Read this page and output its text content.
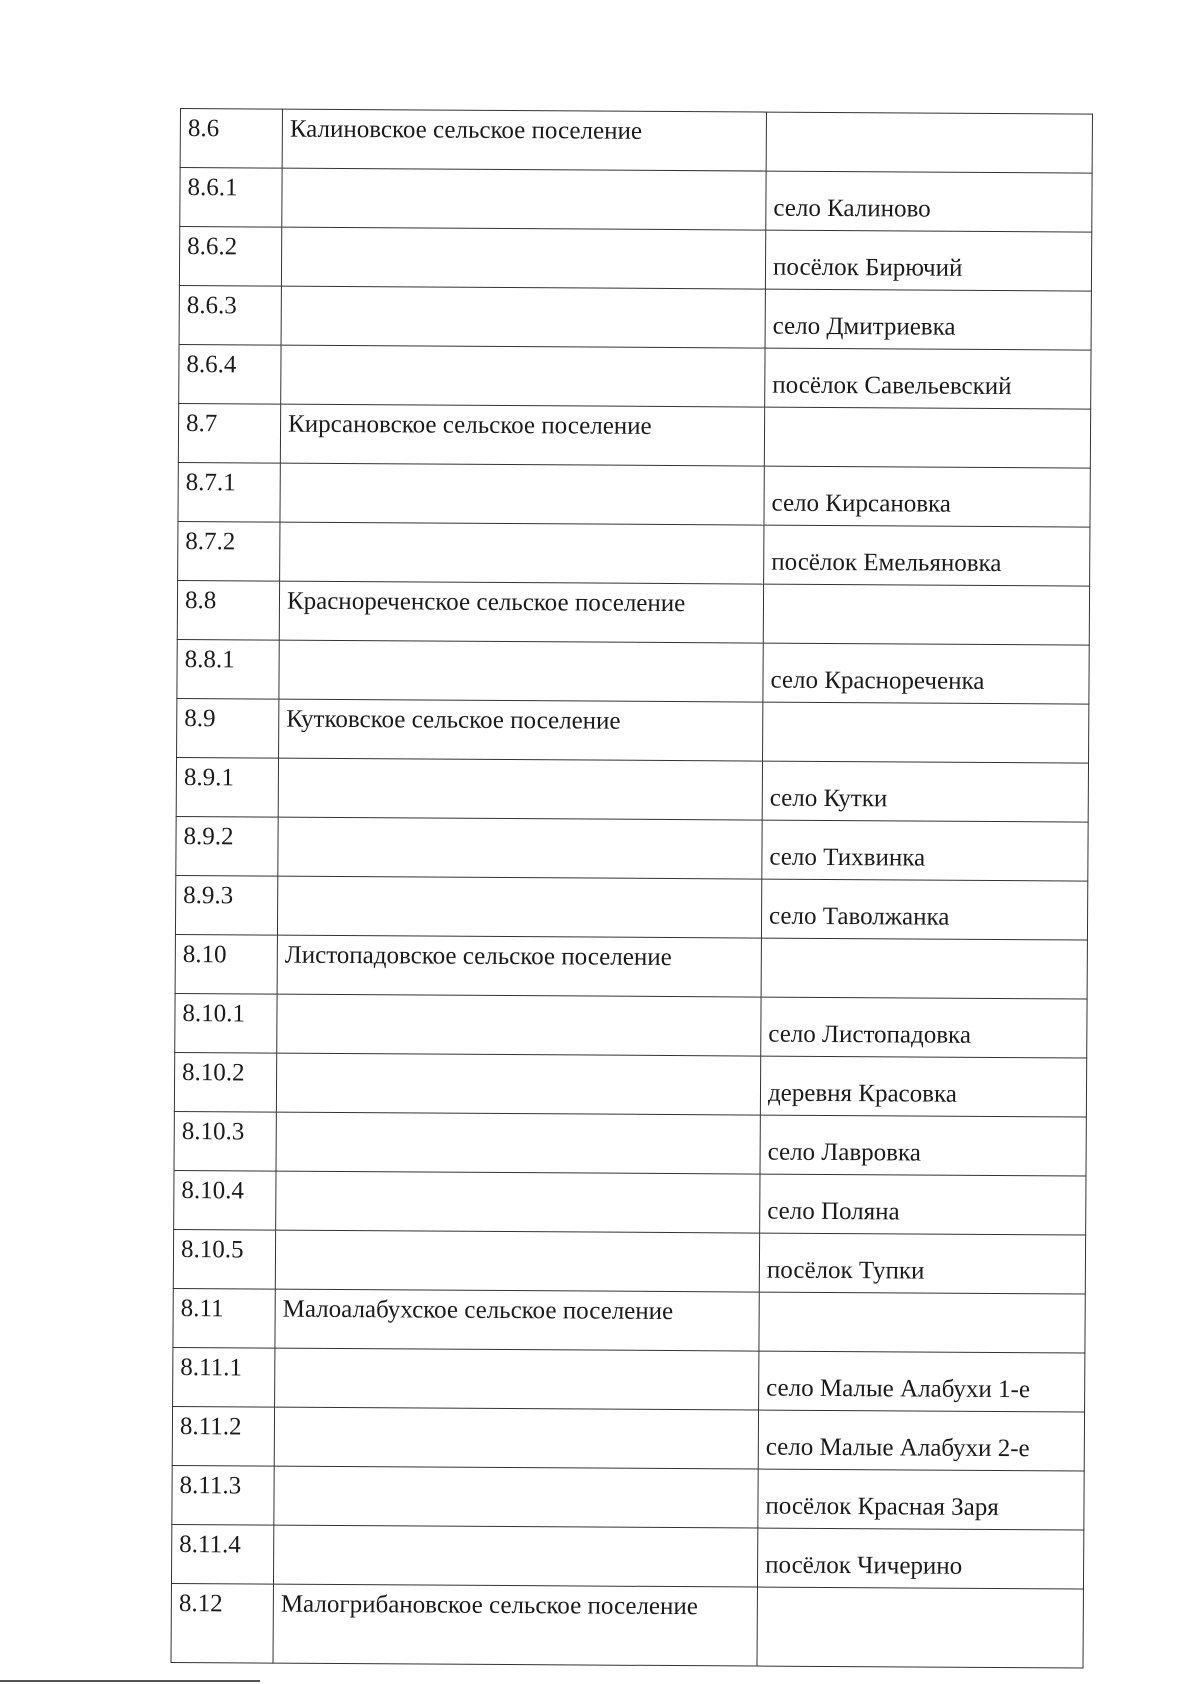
8.6	Калиновское сельское поселение	
8.6.1		село Калиново
8.6.2		посёлок Бирючий
8.6.3		село Дмитриевка
8.6.4		посёлок Савельевский
8.7	Кирсановское сельское поселение	
8.7.1		село Кирсановка
8.7.2		посёлок Емельяновка
8.8	Краснореченское сельское поселение	
8.8.1		село Краснореченка
8.9	Кутковское сельское поселение	
8.9.1		село Кутки
8.9.2		село Тихвинка
8.9.3		село Таволжанка
8.10	Листопадовское сельское поселение	
8.10.1		село Листопадовка
8.10.2		деревня Красовка
8.10.3		село Лавровка
8.10.4		село Поляна
8.10.5		посёлок Тупки
8.11	Малоалабухское сельское поселение	
8.11.1		село Малые Алабухи 1-е
8.11.2		село Малые Алабухи 2-е
8.11.3		посёлок Красная Заря
8.11.4		посёлок Чичерино
8.12	Малогрибановское сельское поселение	
